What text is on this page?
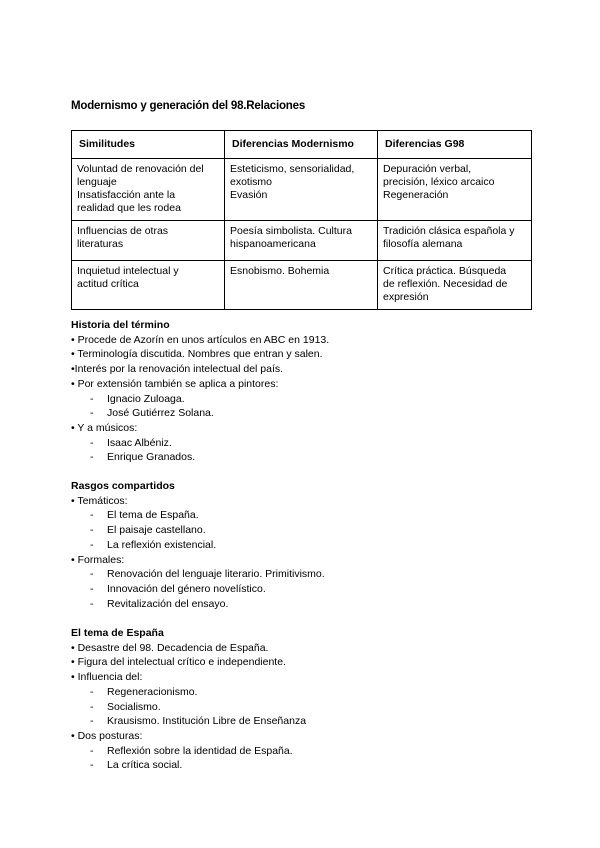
Modernismo y generación del 98.Relaciones
Similitudes	Diferencias Modernismo	Diferencias G98

Voluntad de renovación del
lenguaje
Insatisfacción ante la
realidad que les rodea	Esteticismo, sensorialidad,
exotismo
Evasión	Depuración verbal,
precisión, léxico arcaico
Regeneración

Influencias de otras
literaturas	Poesía simbolista. Cultura
hispanoamericana	Tradición clásica española y
filosofía alemana

Inquietud intelectual y
actitud crítica	Esnobismo. Bohemia	Crítica práctica. Búsqueda
de reflexión. Necesidad de
expresión
Historia del término
• Procede de Azorín en unos artículos en ABC en 1913.
• Terminología discutida. Nombres que entran y salen.
•Interés por la renovación intelectual del país.
• Por extensión también se aplica a pintores:
- Ignacio Zuloaga.
- José Gutiérrez Solana.
• Y a músicos:
- Isaac Albéniz.
- Enrique Granados.
Rasgos compartidos
• Temáticos:
- El tema de España.
- El paisaje castellano.
- La reflexión existencial.
• Formales:
- Renovación del lenguaje literario. Primitivismo.
- Innovación del género novelístico.
- Revitalización del ensayo.
El tema de España
• Desastre del 98. Decadencia de España.
• Figura del intelectual crítico e independiente.
• Influencia del:
- Regeneracionismo.
- Socialismo.
- Krausismo. Institución Libre de Enseñanza
• Dos posturas:
- Reflexión sobre la identidad de España.
- La crítica social.
